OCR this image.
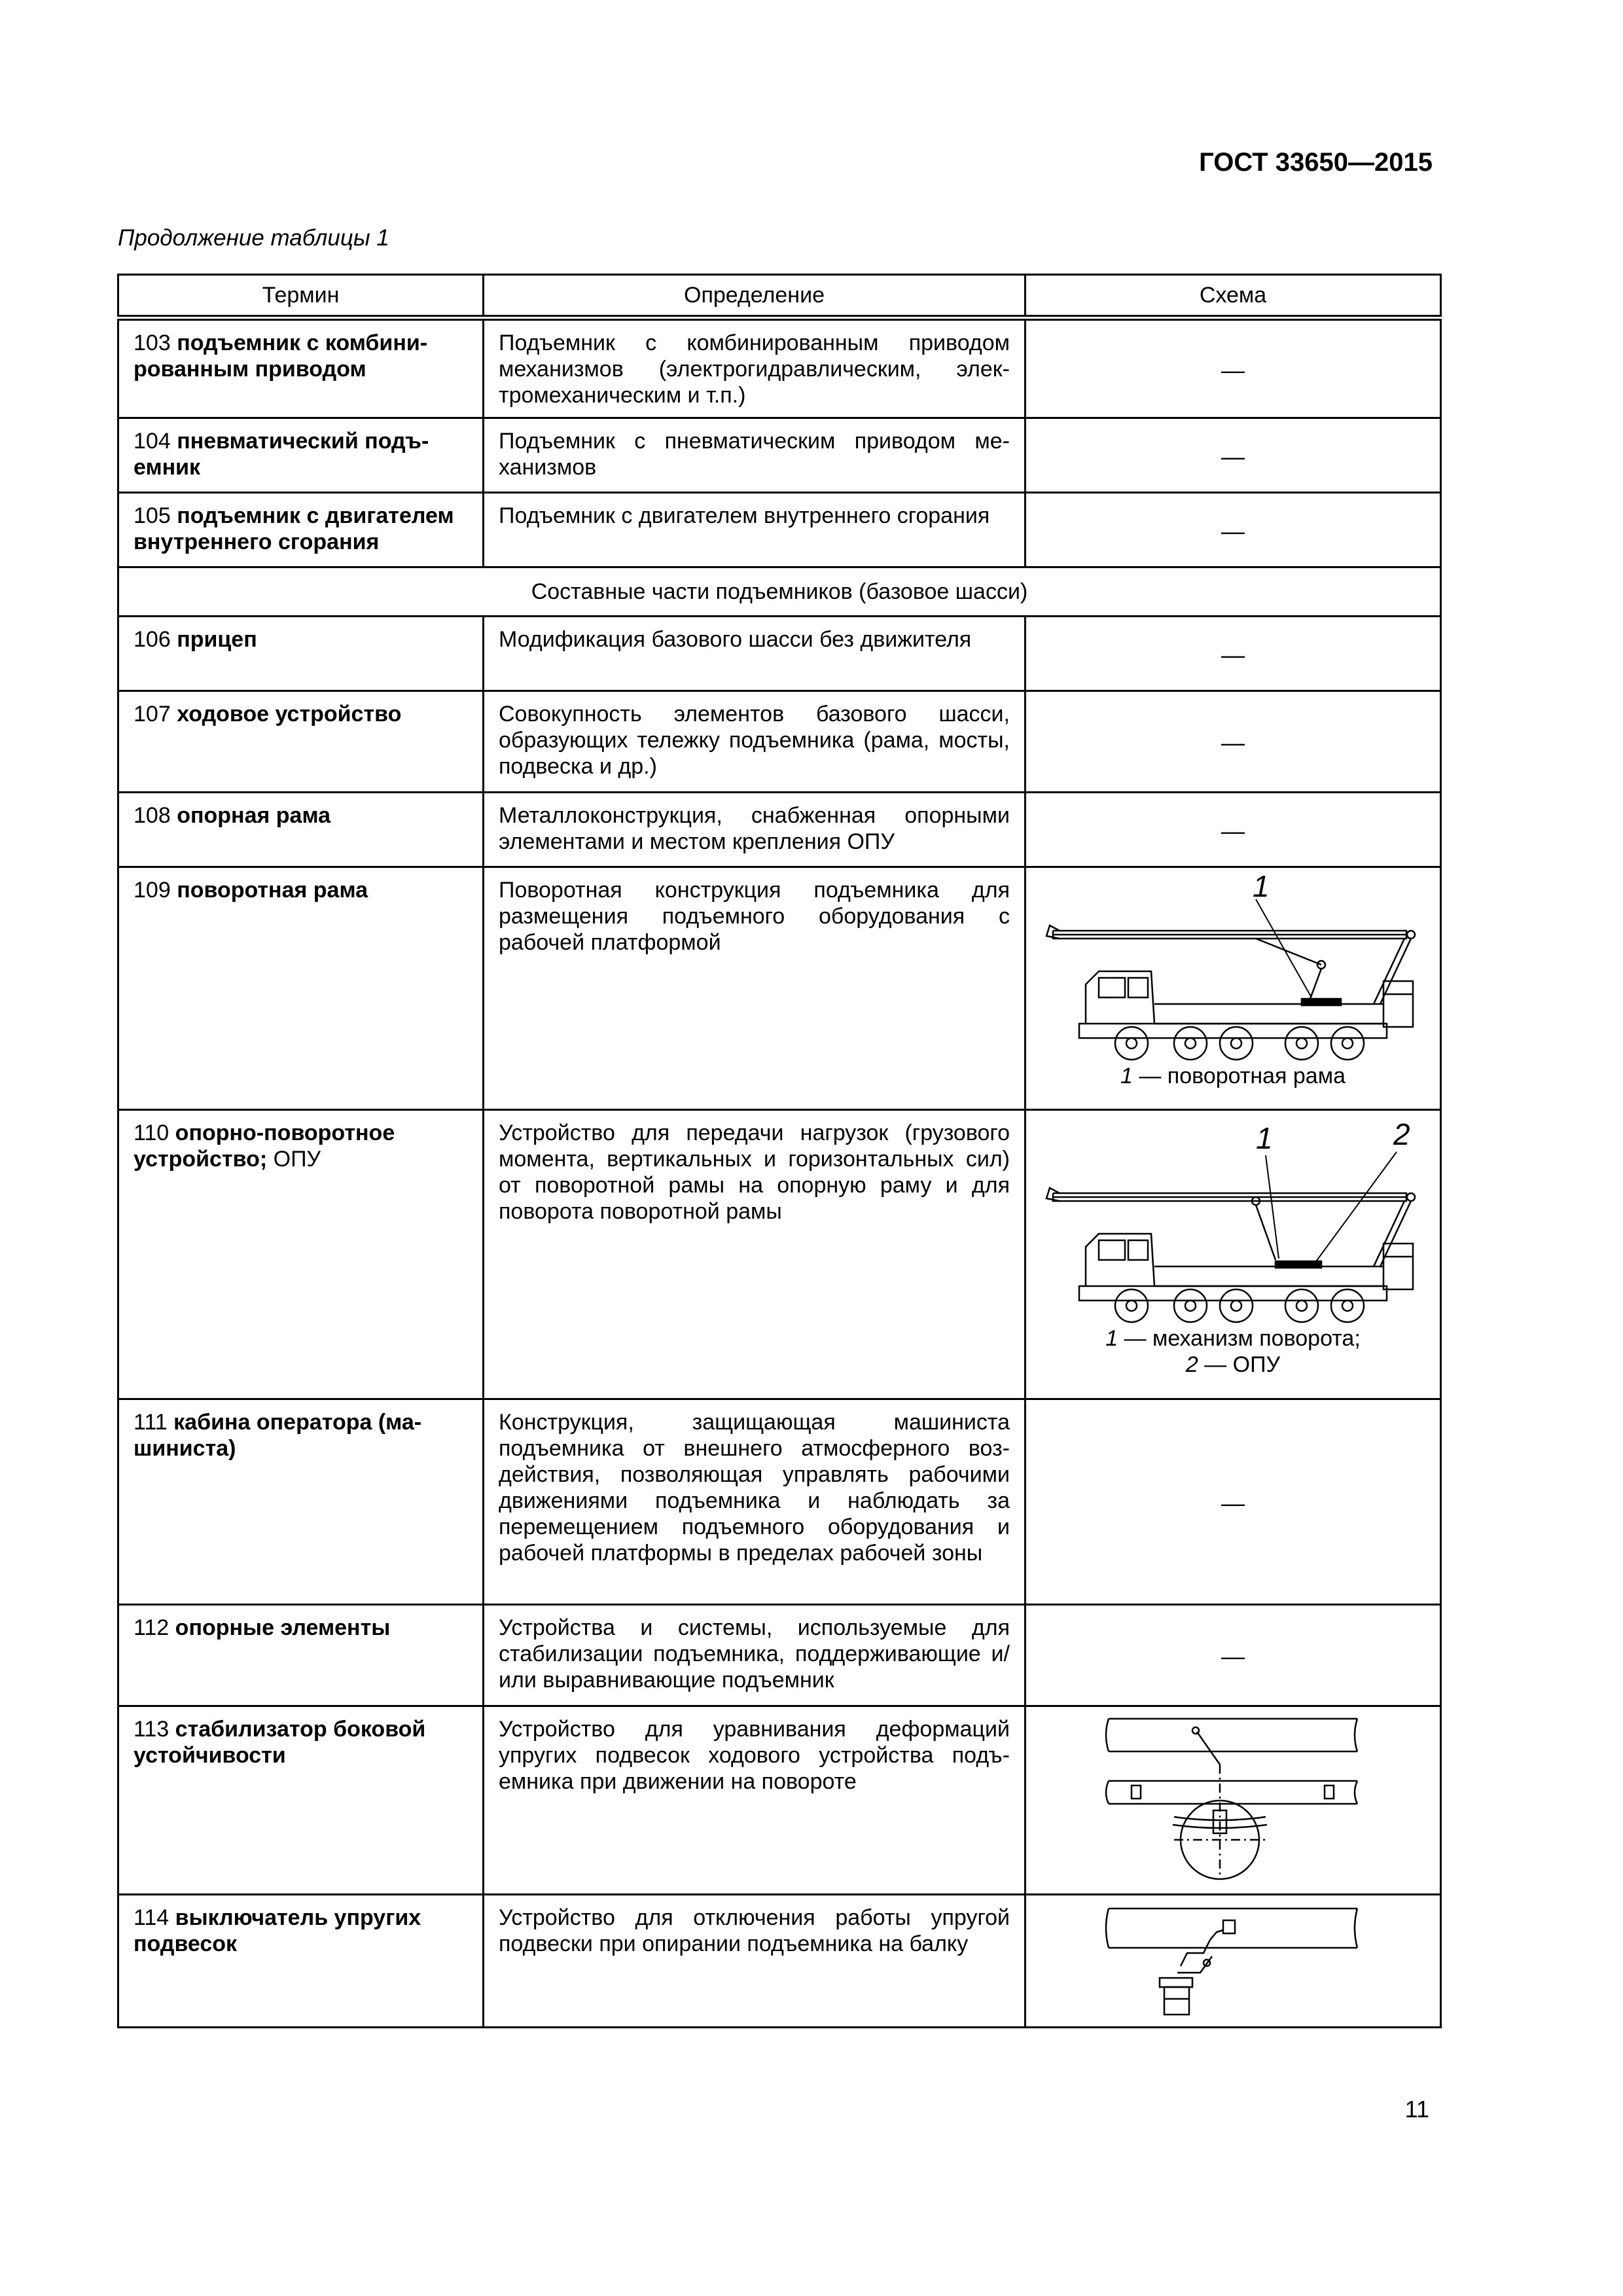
ГОСТ 33650—2015
Продолжение таблицы 1
Термин	Определение	Схема
103 подъемник с комбинированным приводом	Подъемник с комбинированным приводом механизмов (электрогидравлическим, электромеханическим и т.п.)	—
104 пневматический подъемник	Подъемник с пневматическим приводом механизмов	—
105 подъемник с двигателем внутреннего сгорания	Подъемник с двигателем внутреннего сгорания	—
Составные части подъемников (базовое шасси)		
106 прицеп	Модификация базового шасси без движителя	—
107 ходовое устройство	Совокупность элементов базового шасси, образующих тележку подъемника (рама, мосты, подвеска и др.)	—
108 опорная рама	Металлоконструкция, снабженная опорными элементами и местом крепления ОПУ	—
109 поворотная рама	Поворотная конструкция подъемника для размещения подъемного оборудования с рабочей платформой	1
1 — поворотная рама

110 опорно-поворотное устройство; ОПУ	Устройство для передачи нагрузок (грузового момента, вертикальных и горизонтальных сил) от поворотной рамы на опорную раму и для поворота поворотной рамы	1 2
1 — механизм поворота;
2 — ОПУ

111 кабина оператора (машиниста)	Конструкция, защищающая машиниста подъемника от внешнего атмосферного воздействия, позволяющая управлять рабочими движениями подъемника и наблюдать за перемещением подъемного оборудования и рабочей платформы в пределах рабочей зоны	—
112 опорные элементы	Устройства и системы, используемые для стабилизации подъемника, поддерживающие и/или выравнивающие подъемник	—
113 стабилизатор боковой устойчивости	Устройство для уравнивания деформаций упругих подвесок ходового устройства подъемника при движении на повороте	

114 выключатель упругих подвесок	Устройство для отключения работы упругой подвески при опирании подъемника на балку	
11
